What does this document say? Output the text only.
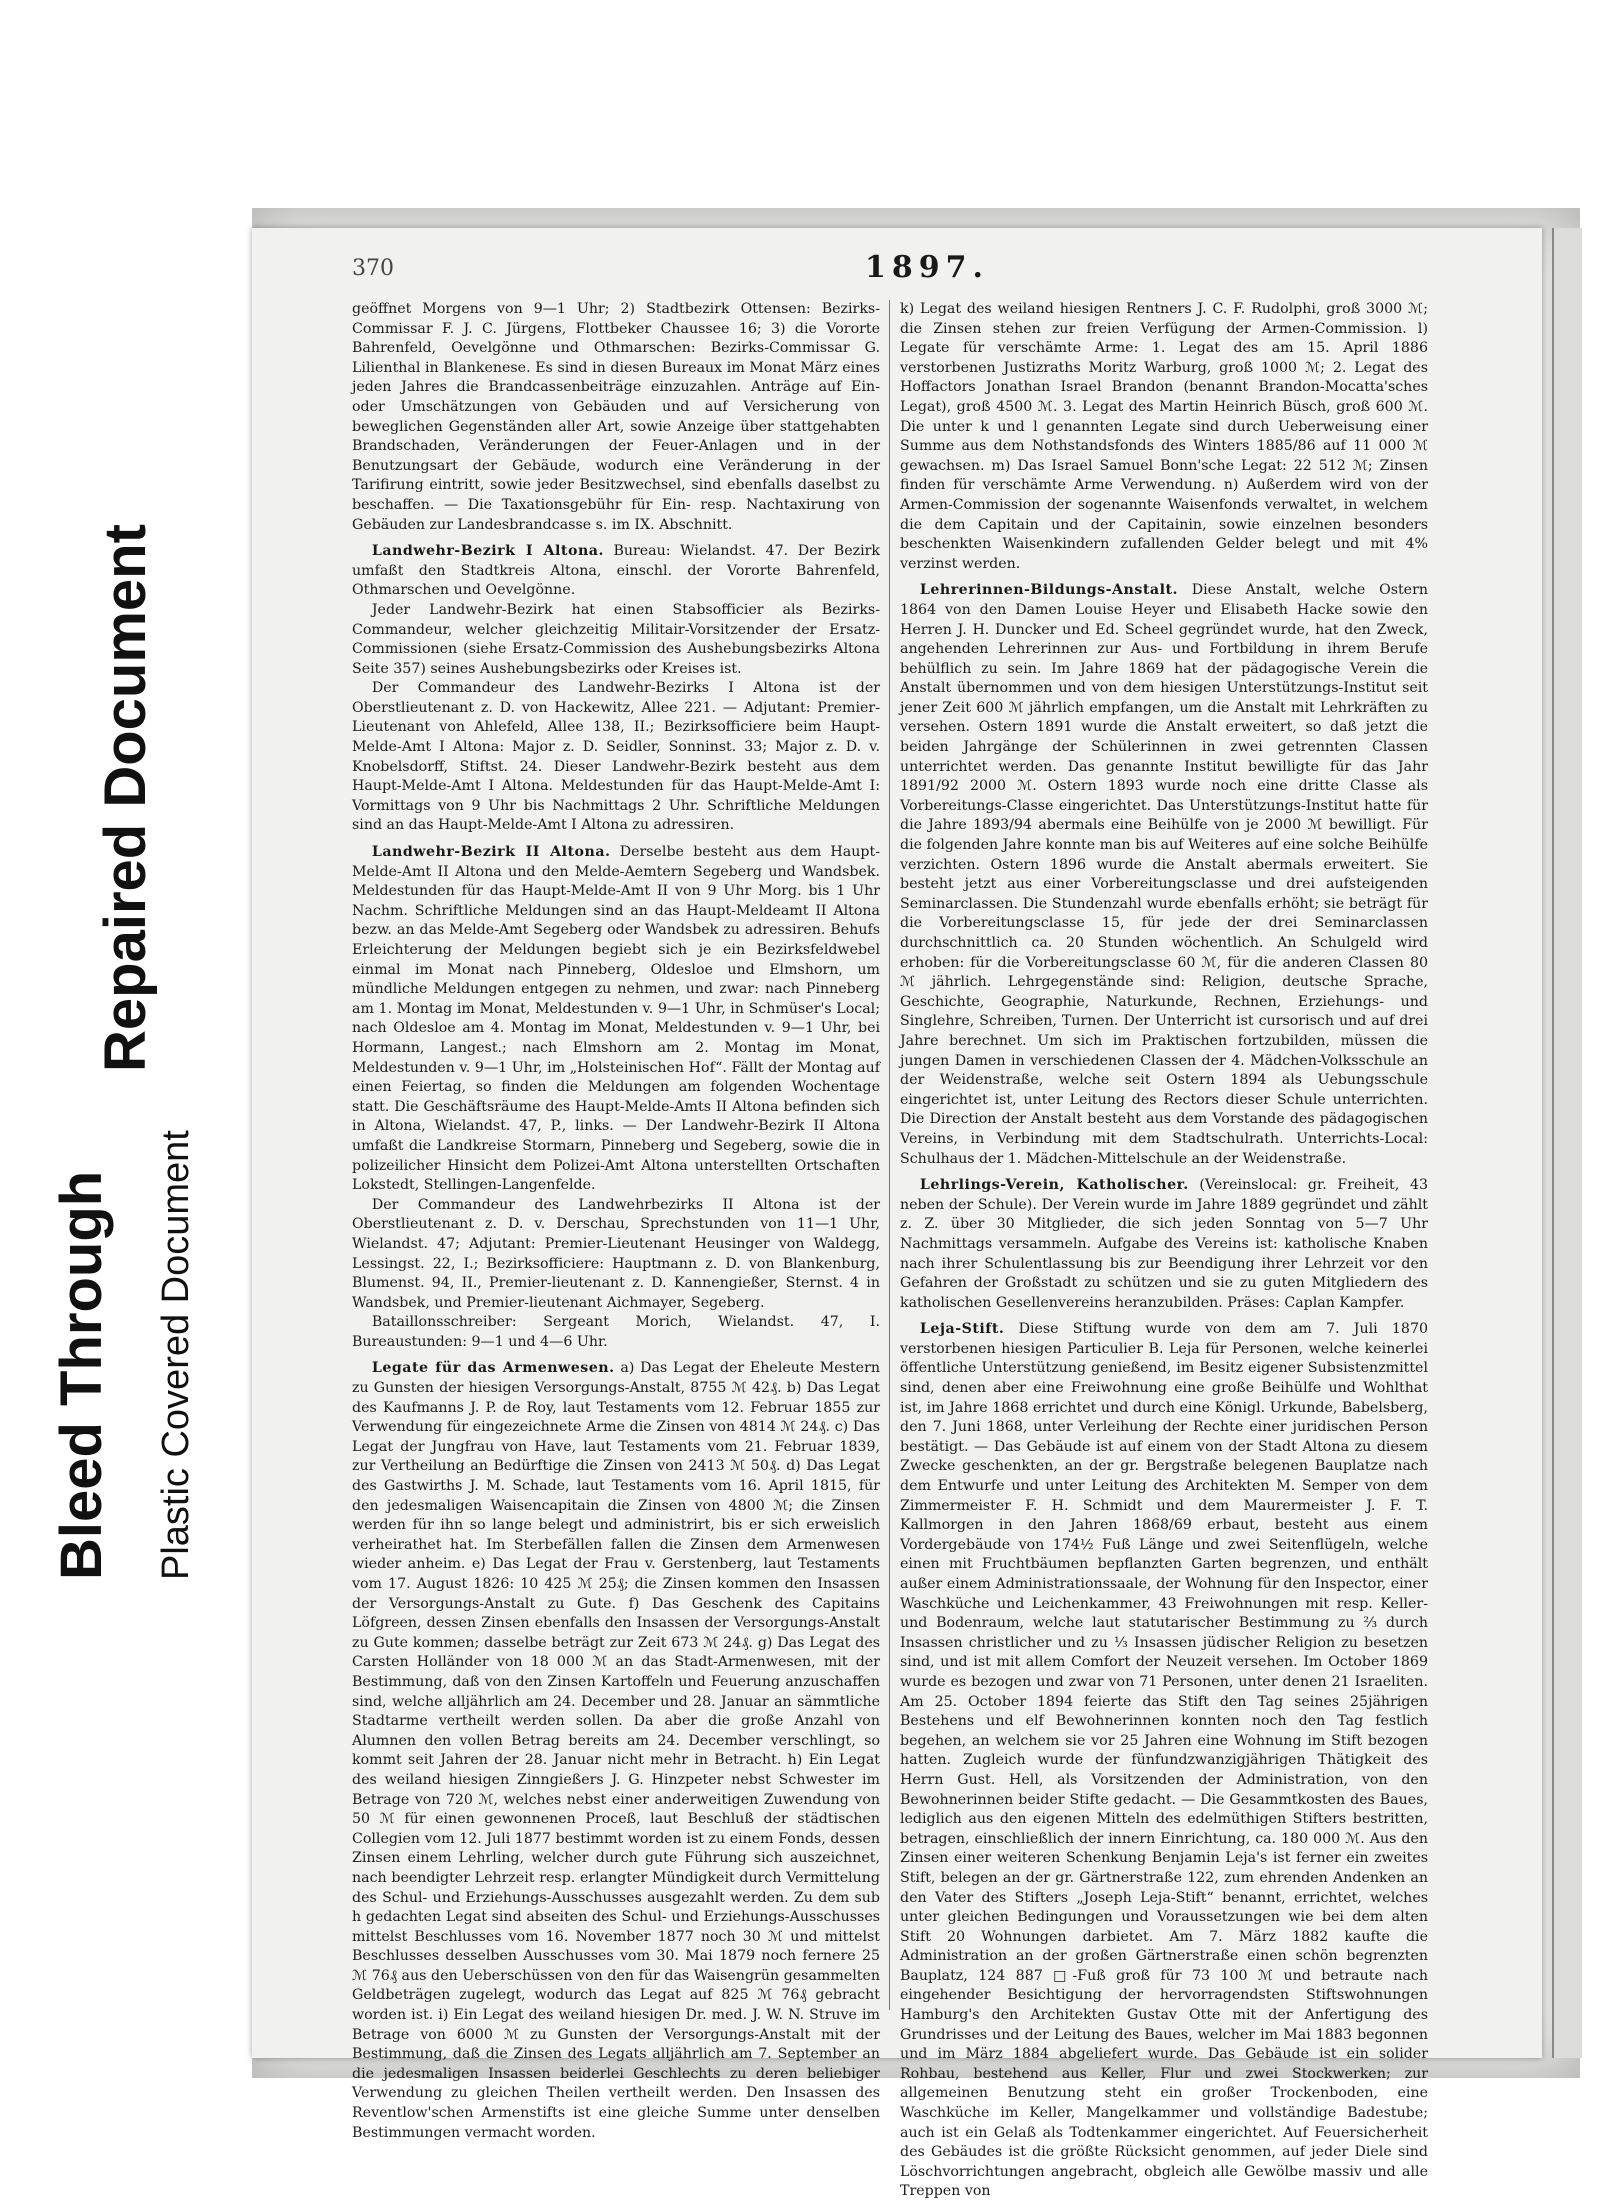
Bleed Through
Repaired Document
Plastic Covered Document
370	1897.

geöffnet Morgens von 9—1 Uhr; 2) Stadtbezirk Ottensen: Bezirks-Commissar F. J. C. Jürgens, Flottbeker Chaussee 16; 3) die Vororte Bahrenfeld, Oevelgönne und Othmarschen: Bezirks-Commissar G. Lilienthal in Blankenese. Es sind in diesen Bureaux im Monat März eines jeden Jahres die Brandcassenbeiträge einzuzahlen. Anträge auf Ein- oder Umschätzungen von Gebäuden und auf Versicherung von beweglichen Gegenständen aller Art, sowie Anzeige über stattgehabten Brandschaden, Veränderungen der Feuer-Anlagen und in der Benutzungsart der Gebäude, wodurch eine Veränderung in der Tarifirung eintritt, sowie jeder Besitzwechsel, sind ebenfalls daselbst zu beschaffen. — Die Taxationsgebühr für Ein- resp. Nachtaxirung von Gebäuden zur Landesbrandcasse s. im IX. Abschnitt.

Landwehr-Bezirk I Altona. Bureau: Wielandst. 47. Der Bezirk umfaßt den Stadtkreis Altona, einschl. der Vororte Bahrenfeld, Othmarschen und Oevelgönne.

Jeder Landwehr-Bezirk hat einen Stabsofficier als Bezirks-Commandeur, welcher gleichzeitig Militair-Vorsitzender der Ersatz-Commissionen (siehe Ersatz-Commission des Aushebungsbezirks Altona Seite 357) seines Aushebungsbezirks oder Kreises ist.

Der Commandeur des Landwehr-Bezirks I Altona ist der Oberstlieutenant z. D. von Hackewitz, Allee 221. — Adjutant: Premier-Lieutenant von Ahlefeld, Allee 138, II.; Bezirksofficiere beim Haupt-Melde-Amt I Altona: Major z. D. Seidler, Sonninst. 33; Major z. D. v. Knobelsdorff, Stiftst. 24. Dieser Landwehr-Bezirk besteht aus dem Haupt-Melde-Amt I Altona. Meldestunden für das Haupt-Melde-Amt I: Vormittags von 9 Uhr bis Nachmittags 2 Uhr. Schriftliche Meldungen sind an das Haupt-Melde-Amt I Altona zu adressiren.

Landwehr-Bezirk II Altona. Derselbe besteht aus dem Haupt-Melde-Amt II Altona und den Melde-Aemtern Segeberg und Wandsbek. Meldestunden für das Haupt-Melde-Amt II von 9 Uhr Morg. bis 1 Uhr Nachm. Schriftliche Meldungen sind an das Haupt-Meldeamt II Altona bezw. an das Melde-Amt Segeberg oder Wandsbek zu adressiren. Behufs Erleichterung der Meldungen begiebt sich je ein Bezirksfeldwebel einmal im Monat nach Pinneberg, Oldesloe und Elmshorn, um mündliche Meldungen entgegen zu nehmen, und zwar: nach Pinneberg am 1. Montag im Monat, Meldestunden v. 9—1 Uhr, in Schmüser's Local; nach Oldesloe am 4. Montag im Monat, Meldestunden v. 9—1 Uhr, bei Hormann, Langest.; nach Elmshorn am 2. Montag im Monat, Meldestunden v. 9—1 Uhr, im „Holsteinischen Hof“. Fällt der Montag auf einen Feiertag, so finden die Meldungen am folgenden Wochentage statt. Die Geschäftsräume des Haupt-Melde-Amts II Altona befinden sich in Altona, Wielandst. 47, P., links. — Der Landwehr-Bezirk II Altona umfaßt die Landkreise Stormarn, Pinneberg und Segeberg, sowie die in polizeilicher Hinsicht dem Polizei-Amt Altona unterstellten Ortschaften Lokstedt, Stellingen-Langenfelde.

Der Commandeur des Landwehrbezirks II Altona ist der Oberstlieutenant z. D. v. Derschau, Sprechstunden von 11—1 Uhr, Wielandst. 47; Adjutant: Premier-Lieutenant Heusinger von Waldegg, Lessingst. 22, I.; Bezirksofficiere: Hauptmann z. D. von Blankenburg, Blumenst. 94, II., Premier-lieutenant z. D. Kannengießer, Sternst. 4 in Wandsbek, und Premier-lieutenant Aichmayer, Segeberg.

Bataillonsschreiber: Sergeant Morich, Wielandst. 47, I. Bureaustunden: 9—1 und 4—6 Uhr.

Legate für das Armenwesen. a) Das Legat der Eheleute Mestern zu Gunsten der hiesigen Versorgungs-Anstalt, 8755 ℳ 42₰. b) Das Legat des Kaufmanns J. P. de Roy, laut Testaments vom 12. Februar 1855 zur Verwendung für eingezeichnete Arme die Zinsen von 4814 ℳ 24₰. c) Das Legat der Jungfrau von Have, laut Testaments vom 21. Februar 1839, zur Vertheilung an Bedürftige die Zinsen von 2413 ℳ 50₰. d) Das Legat des Gastwirths J. M. Schade, laut Testaments vom 16. April 1815, für den jedesmaligen Waisencapitain die Zinsen von 4800 ℳ; die Zinsen werden für ihn so lange belegt und administrirt, bis er sich erweislich verheirathet hat. Im Sterbefällen fallen die Zinsen dem Armenwesen wieder anheim. e) Das Legat der Frau v. Gerstenberg, laut Testaments vom 17. August 1826: 10 425 ℳ 25₰; die Zinsen kommen den Insassen der Versorgungs-Anstalt zu Gute. f) Das Geschenk des Capitains Löfgreen, dessen Zinsen ebenfalls den Insassen der Versorgungs-Anstalt zu Gute kommen; dasselbe beträgt zur Zeit 673 ℳ 24₰. g) Das Legat des Carsten Holländer von 18 000 ℳ an das Stadt-Armenwesen, mit der Bestimmung, daß von den Zinsen Kartoffeln und Feuerung anzuschaffen sind, welche alljährlich am 24. December und 28. Januar an sämmtliche Stadtarme vertheilt werden sollen. Da aber die große Anzahl von Alumnen den vollen Betrag bereits am 24. December verschlingt, so kommt seit Jahren der 28. Januar nicht mehr in Betracht. h) Ein Legat des weiland hiesigen Zinngießers J. G. Hinzpeter nebst Schwester im Betrage von 720 ℳ, welches nebst einer anderweitigen Zuwendung von 50 ℳ für einen gewonnenen Proceß, laut Beschluß der städtischen Collegien vom 12. Juli 1877 bestimmt worden ist zu einem Fonds, dessen Zinsen einem Lehrling, welcher durch gute Führung sich auszeichnet, nach beendigter Lehrzeit resp. erlangter Mündigkeit durch Vermittelung des Schul- und Erziehungs-Ausschusses ausgezahlt werden. Zu dem sub h gedachten Legat sind abseiten des Schul- und Erziehungs-Ausschusses mittelst Beschlusses vom 16. November 1877 noch 30 ℳ und mittelst Beschlusses desselben Ausschusses vom 30. Mai 1879 noch fernere 25 ℳ 76₰ aus den Ueberschüssen von den für das Waisengrün gesammelten Geldbeträgen zugelegt, wodurch das Legat auf 825 ℳ 76₰ gebracht worden ist. i) Ein Legat des weiland hiesigen Dr. med. J. W. N. Struve im Betrage von 6000 ℳ zu Gunsten der Versorgungs-Anstalt mit der Bestimmung, daß die Zinsen des Legats alljährlich am 7. September an die jedesmaligen Insassen beiderlei Geschlechts zu deren beliebiger Verwendung zu gleichen Theilen vertheilt werden. Den Insassen des Reventlow'schen Armenstifts ist eine gleiche Summe unter denselben Bestimmungen vermacht worden.

k) Legat des weiland hiesigen Rentners J. C. F. Rudolphi, groß 3000 ℳ; die Zinsen stehen zur freien Verfügung der Armen-Commission. l) Legate für verschämte Arme: 1. Legat des am 15. April 1886 verstorbenen Justizraths Moritz Warburg, groß 1000 ℳ; 2. Legat des Hoffactors Jonathan Israel Brandon (benannt Brandon-Mocatta'sches Legat), groß 4500 ℳ. 3. Legat des Martin Heinrich Büsch, groß 600 ℳ. Die unter k und l genannten Legate sind durch Ueberweisung einer Summe aus dem Nothstandsfonds des Winters 1885/86 auf 11 000 ℳ gewachsen. m) Das Israel Samuel Bonn'sche Legat: 22 512 ℳ; Zinsen finden für verschämte Arme Verwendung. n) Außerdem wird von der Armen-Commission der sogenannte Waisenfonds verwaltet, in welchem die dem Capitain und der Capitainin, sowie einzelnen besonders beschenkten Waisenkindern zufallenden Gelder belegt und mit 4% verzinst werden.

Lehrerinnen-Bildungs-Anstalt. Diese Anstalt, welche Ostern 1864 von den Damen Louise Heyer und Elisabeth Hacke sowie den Herren J. H. Duncker und Ed. Scheel gegründet wurde, hat den Zweck, angehenden Lehrerinnen zur Aus- und Fortbildung in ihrem Berufe behülflich zu sein. Im Jahre 1869 hat der pädagogische Verein die Anstalt übernommen und von dem hiesigen Unterstützungs-Institut seit jener Zeit 600 ℳ jährlich empfangen, um die Anstalt mit Lehrkräften zu versehen. Ostern 1891 wurde die Anstalt erweitert, so daß jetzt die beiden Jahrgänge der Schülerinnen in zwei getrennten Classen unterrichtet werden. Das genannte Institut bewilligte für das Jahr 1891/92 2000 ℳ. Ostern 1893 wurde noch eine dritte Classe als Vorbereitungs-Classe eingerichtet. Das Unterstützungs-Institut hatte für die Jahre 1893/94 abermals eine Beihülfe von je 2000 ℳ bewilligt. Für die folgenden Jahre konnte man bis auf Weiteres auf eine solche Beihülfe verzichten. Ostern 1896 wurde die Anstalt abermals erweitert. Sie besteht jetzt aus einer Vorbereitungsclasse und drei aufsteigenden Seminarclassen. Die Stundenzahl wurde ebenfalls erhöht; sie beträgt für die Vorbereitungsclasse 15, für jede der drei Seminarclassen durchschnittlich ca. 20 Stunden wöchentlich. An Schulgeld wird erhoben: für die Vorbereitungsclasse 60 ℳ, für die anderen Classen 80 ℳ jährlich. Lehrgegenstände sind: Religion, deutsche Sprache, Geschichte, Geographie, Naturkunde, Rechnen, Erziehungs- und Singlehre, Schreiben, Turnen. Der Unterricht ist cursorisch und auf drei Jahre berechnet. Um sich im Praktischen fortzubilden, müssen die jungen Damen in verschiedenen Classen der 4. Mädchen-Volksschule an der Weidenstraße, welche seit Ostern 1894 als Uebungsschule eingerichtet ist, unter Leitung des Rectors dieser Schule unterrichten. Die Direction der Anstalt besteht aus dem Vorstande des pädagogischen Vereins, in Verbindung mit dem Stadtschulrath. Unterrichts-Local: Schulhaus der 1. Mädchen-Mittelschule an der Weidenstraße.

Lehrlings-Verein, Katholischer. (Vereinslocal: gr. Freiheit, 43 neben der Schule). Der Verein wurde im Jahre 1889 gegründet und zählt z. Z. über 30 Mitglieder, die sich jeden Sonntag von 5—7 Uhr Nachmittags versammeln. Aufgabe des Vereins ist: katholische Knaben nach ihrer Schulentlassung bis zur Beendigung ihrer Lehrzeit vor den Gefahren der Großstadt zu schützen und sie zu guten Mitgliedern des katholischen Gesellenvereins heranzubilden. Präses: Caplan Kampfer.

Leja-Stift. Diese Stiftung wurde von dem am 7. Juli 1870 verstorbenen hiesigen Particulier B. Leja für Personen, welche keinerlei öffentliche Unterstützung genießend, im Besitz eigener Subsistenzmittel sind, denen aber eine Freiwohnung eine große Beihülfe und Wohlthat ist, im Jahre 1868 errichtet und durch eine Königl. Urkunde, Babelsberg, den 7. Juni 1868, unter Verleihung der Rechte einer juridischen Person bestätigt. — Das Gebäude ist auf einem von der Stadt Altona zu diesem Zwecke geschenkten, an der gr. Bergstraße belegenen Bauplatze nach dem Entwurfe und unter Leitung des Architekten M. Semper von dem Zimmermeister F. H. Schmidt und dem Maurermeister J. F. T. Kallmorgen in den Jahren 1868/69 erbaut, besteht aus einem Vordergebäude von 174½ Fuß Länge und zwei Seitenflügeln, welche einen mit Fruchtbäumen bepflanzten Garten begrenzen, und enthält außer einem Administrationssaale, der Wohnung für den Inspector, einer Waschküche und Leichenkammer, 43 Freiwohnungen mit resp. Keller- und Bodenraum, welche laut statutarischer Bestimmung zu ⅔ durch Insassen christlicher und zu ⅓ Insassen jüdischer Religion zu besetzen sind, und ist mit allem Comfort der Neuzeit versehen. Im October 1869 wurde es bezogen und zwar von 71 Personen, unter denen 21 Israeliten. Am 25. October 1894 feierte das Stift den Tag seines 25jährigen Bestehens und elf Bewohnerinnen konnten noch den Tag festlich begehen, an welchem sie vor 25 Jahren eine Wohnung im Stift bezogen hatten. Zugleich wurde der fünfundzwanzigjährigen Thätigkeit des Herrn Gust. Hell, als Vorsitzenden der Administration, von den Bewohnerinnen beider Stifte gedacht. — Die Gesammtkosten des Baues, lediglich aus den eigenen Mitteln des edelmüthigen Stifters bestritten, betragen, einschließlich der innern Einrichtung, ca. 180 000 ℳ. Aus den Zinsen einer weiteren Schenkung Benjamin Leja's ist ferner ein zweites Stift, belegen an der gr. Gärtnerstraße 122, zum ehrenden Andenken an den Vater des Stifters „Joseph Leja-Stift“ benannt, errichtet, welches unter gleichen Bedingungen und Voraussetzungen wie bei dem alten Stift 20 Wohnungen darbietet. Am 7. März 1882 kaufte die Administration an der großen Gärtnerstraße einen schön begrenzten Bauplatz, 124 887 □-Fuß groß für 73 100 ℳ und betraute nach eingehender Besichtigung der hervorragendsten Stiftswohnungen Hamburg's den Architekten Gustav Otte mit der Anfertigung des Grundrisses und der Leitung des Baues, welcher im Mai 1883 begonnen und im März 1884 abgeliefert wurde. Das Gebäude ist ein solider Rohbau, bestehend aus Keller, Flur und zwei Stockwerken; zur allgemeinen Benutzung steht ein großer Trockenboden, eine Waschküche im Keller, Mangelkammer und vollständige Badestube; auch ist ein Gelaß als Todtenkammer eingerichtet. Auf Feuersicherheit des Gebäudes ist die größte Rücksicht genommen, auf jeder Diele sind Löschvorrichtungen angebracht, obgleich alle Gewölbe massiv und alle Treppen von
